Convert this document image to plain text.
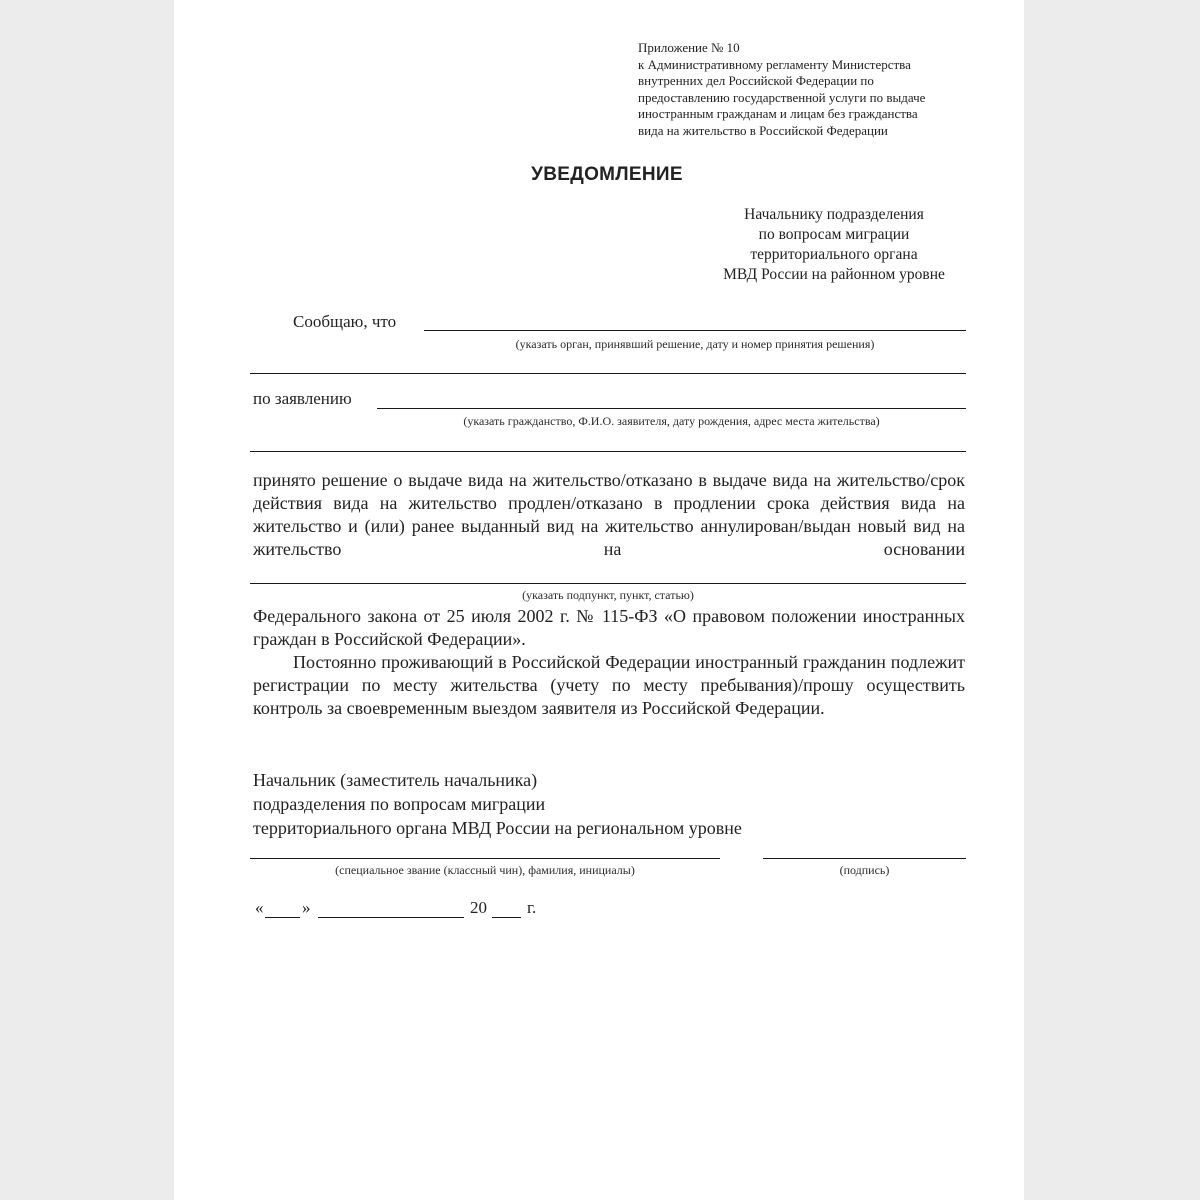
Приложение № 10
к Административному регламенту Министерства
внутренних дел Российской Федерации по
предоставлению государственной услуги по выдаче
иностранным гражданам и лицам без гражданства
вида на жительство в Российской Федерации
УВЕДОМЛЕНИЕ
Начальнику подразделения
по вопросам миграции
территориального органа
МВД России на районном уровне
Сообщаю, что
(указать орган, принявший решение, дату и номер принятия решения)
по заявлению
(указать гражданство, Ф.И.О. заявителя, дату рождения, адрес места жительства)
принято решение о выдаче вида на жительство/отказано в выдаче вида на жительство/срок действия вида на жительство продлен/отказано в продлении срока действия вида на жительство и (или) ранее выданный вид на жительство аннулирован/выдан новый вид на жительство на основании
(указать подпункт, пункт, статью)
Федерального закона от 25 июля 2002 г. № 115-ФЗ «О правовом положении иностранных граждан в Российской Федерации».
Постоянно проживающий в Российской Федерации иностранный гражданин подлежит регистрации по месту жительства (учету по месту пребывания)/прошу осуществить контроль за своевременным выездом заявителя из Российской Федерации.
Начальник (заместитель начальника)
подразделения по вопросам миграции
территориального органа МВД России на региональном уровне
(специальное звание (классный чин), фамилия, инициалы)	(подпись)
« »	20 г.
